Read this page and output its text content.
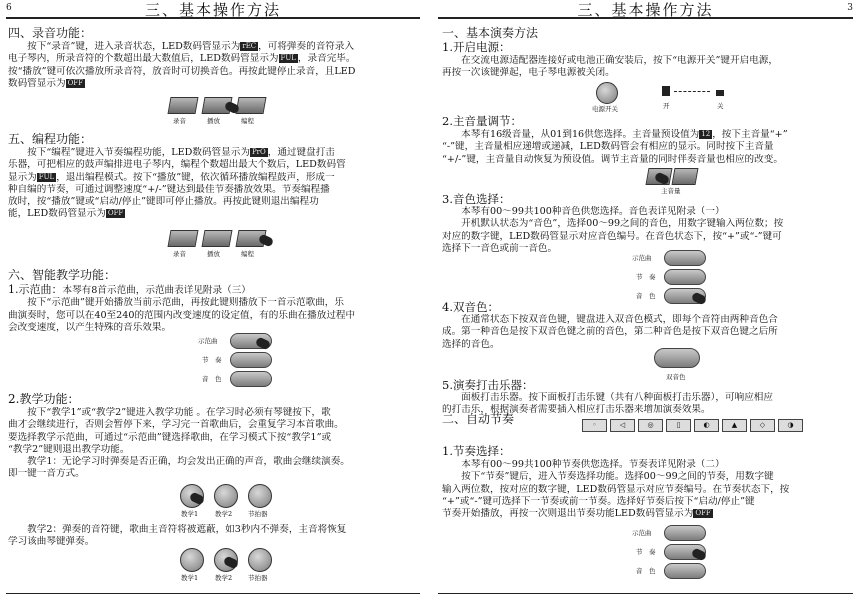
6	三、基本操作方法
四、录音功能：
　　按下“录音”键，进入录音状态，LED数码管显示为 rEC ，可将弹奏的音符录入
电子琴内，所录音符的个数超出最大数值后，LED数码管显示为 FUL ，录音完毕。
按“播放”键可依次播放所录音符，放音时可切换音色。再按此键停止录音，且LED
数码管显示为 OFF
录音	播放	编程
五、编程功能：
　　按下“编程”键进入节奏编程功能，LED数码管显示为 PrO ，通过键盘打击
乐器，可把相应的鼓声编排进电子琴内，编程个数超出最大个数后，LED数码管
显示为 FUL ，退出编程模式。按下“播放”键，依次循环播放编程鼓声，形成一
种自编的节奏，可通过调整速度“+/-”键达到最佳节奏播放效果。节奏编程播
放时，按“播放”键或“启动/停止”键即可停止播放。再按此键则退出编程功
能，LED数码管显示为 OFF
录音	播放	编程
六、智能教学功能：
1.示范曲：本琴有8首示范曲，示范曲表详见附录（三）
　　按下“示范曲”键开始播放当前示范曲，再按此键则播放下一首示范歌曲，乐
曲演奏时，您可以在40至240的范围内改变速度的设定值，有的乐曲在播放过程中
会改变速度，以产生特殊的音乐效果。
示范曲
节　奏
音　色
2.教学功能：
　　按下“教学1”或“教学2”键进入教学功能 。在学习时必须有琴键按下，歌
曲才会继续进行，否则会暂停下来，学习完一首歌曲后，会重复学习本首歌曲。
要选择教学示范曲，可通过“示范曲”键选择歌曲，在学习模式下按“教学1”或
“教学2”键则退出教学功能。
　　教学1：无论学习时弹奏是否正确，均会发出正确的声音，歌曲会继续演奏。
即一键一音方式。
教学1	教学2 节拍器
　　教学2：弹奏的音符键，歌曲主音符将被遮蔽，如3秒内不弹奏，主音将恢复
学习该曲琴键弹奏。
教学1	教学2 节拍器
三、基本操作方法	3
一、基本演奏方法
1.开启电源：
　　在交流电源适配器连接好或电池正确安装后，按下“电源开关”键开启电源，
再按一次该键弹起，电子琴电源被关闭。
电源开关	开	关
2.主音量调节：
　　本琴有16级音量，从01到16供您选择。主音量预设值为 12 ，按下主音量“+”
“-”键，主音量相应递增或递减，LED数码管会有相应的显示。同时按下主音量
“+/-”键，主音量自动恢复为预设值。调节主音量的同时伴奏音量也相应的改变。
主音量
3.音色选择：
　　本琴有00～99共100种音色供您选择。音色表详见附录（一）
　　开机默认状态为“音色”，选择00～99之间的音色，用数字键输入两位数；按
对应的数字键，LED数码管显示对应音色编号。在音色状态下，按“+”或“-”键可
选择下一音色或前一音色。
示范曲
节　奏
音　色
4.双音色：
　　在通常状态下按双音色键，键盘进入双音色模式，即每个音符由两种音色合
成。第一种音色是按下双音色键之前的音色，第二种音色是按下双音色键之后所
选择的音色。
双音色
5.演奏打击乐器：
　　面板打击乐器。按下面板打击乐键（共有八种面板打击乐器），可响应相应
的打击乐，根据演奏者需要插入相应打击乐器来增加演奏效果。
二、自动节奏	◦	◁	◎	▯	◐	▲	◇	◑
1.节奏选择：
　　本琴有00～99共100种节奏供您选择。节奏表详见附录（二）
　　按下“节奏”键后，进入节奏选择功能。选择00～99之间的节奏，用数字键
输入两位数，按对应的数字键，LED数码管显示对应节奏编号。在节奏状态下，按
“+”或“-”键可选择下一节奏或前一节奏。选择好节奏后按下“启动/停止”键
节奏开始播放，再按一次则退出节奏功能LED数码管显示为 OFF
示范曲
节　奏
音　色
